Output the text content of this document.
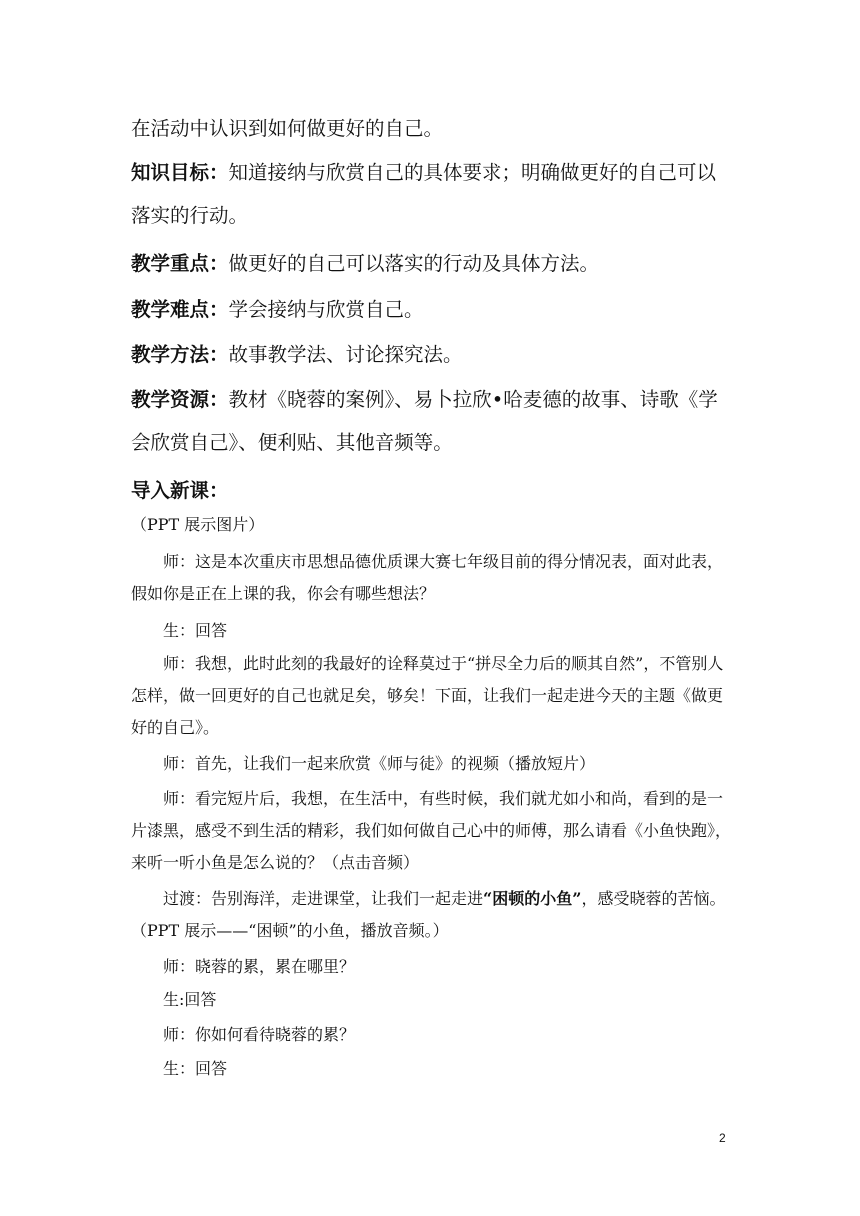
在活动中认识到如何做更好的自己。

知识目标：知道接纳与欣赏自己的具体要求；明确做更好的自己可以落实的行动。

教学重点：做更好的自己可以落实的行动及具体方法。

教学难点：学会接纳与欣赏自己。

教学方法：故事教学法、讨论探究法。

教学资源：教材《晓蓉的案例》、易卜拉欣•哈麦德的故事、诗歌《学会欣赏自己》、便利贴、其他音频等。

导入新课：

（PPT 展示图片）

师：这是本次重庆市思想品德优质课大赛七年级目前的得分情况表，面对此表，假如你是正在上课的我，你会有哪些想法？

生：回答

师：我想，此时此刻的我最好的诠释莫过于“拼尽全力后的顺其自然”，不管别人怎样，做一回更好的自己也就足矣，够矣！下面，让我们一起走进今天的主题《做更好的自己》。

师：首先，让我们一起来欣赏《师与徒》的视频（播放短片）

师：看完短片后，我想，在生活中，有些时候，我们就尤如小和尚，看到的是一片漆黑，感受不到生活的精彩，我们如何做自己心中的师傅，那么请看《小鱼快跑》，来听一听小鱼是怎么说的？（点击音频）

过渡：告别海洋，走进课堂，让我们一起走进“困顿的小鱼”，感受晓蓉的苦恼。（PPT 展示——“困顿”的小鱼，播放音频。）

师：晓蓉的累，累在哪里？

生:回答

师：你如何看待晓蓉的累？

生：回答

2
